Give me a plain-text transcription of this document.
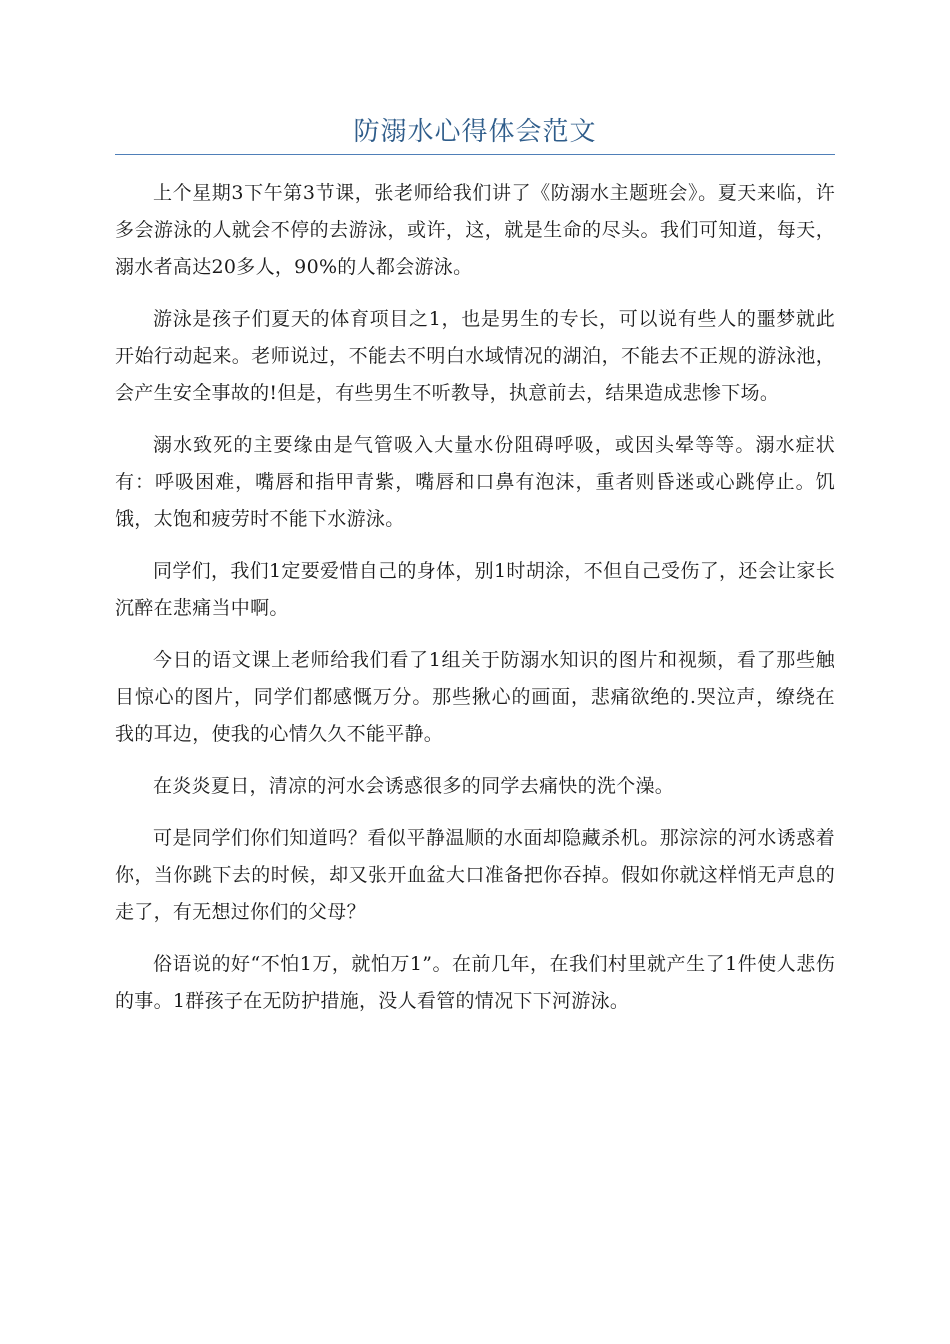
防溺水心得体会范文

上个星期3下午第3节课，张老师给我们讲了《防溺水主题班会》。夏天来临，许多会游泳的人就会不停的去游泳，或许，这，就是生命的尽头。我们可知道，每天，溺水者高达20多人，90%的人都会游泳。

游泳是孩子们夏天的体育项目之1，也是男生的专长，可以说有些人的噩梦就此开始行动起来。老师说过，不能去不明白水域情况的湖泊，不能去不正规的游泳池，会产生安全事故的!但是，有些男生不听教导，执意前去，结果造成悲惨下场。

溺水致死的主要缘由是气管吸入大量水份阻碍呼吸，或因头晕等等。溺水症状有：呼吸困难，嘴唇和指甲青紫，嘴唇和口鼻有泡沫，重者则昏迷或心跳停止。饥饿，太饱和疲劳时不能下水游泳。

同学们，我们1定要爱惜自己的身体，别1时胡涂，不但自己受伤了，还会让家长沉醉在悲痛当中啊。

今日的语文课上老师给我们看了1组关于防溺水知识的图片和视频，看了那些触目惊心的图片，同学们都感慨万分。那些揪心的画面，悲痛欲绝的.哭泣声，缭绕在我的耳边，使我的心情久久不能平静。

在炎炎夏日，清凉的河水会诱惑很多的同学去痛快的洗个澡。

可是同学们你们知道吗？看似平静温顺的水面却隐藏杀机。那淙淙的河水诱惑着你，当你跳下去的时候，却又张开血盆大口准备把你吞掉。假如你就这样悄无声息的走了，有无想过你们的父母？

俗语说的好“不怕1万，就怕万1”。在前几年，在我们村里就产生了1件使人悲伤的事。1群孩子在无防护措施，没人看管的情况下下河游泳。
